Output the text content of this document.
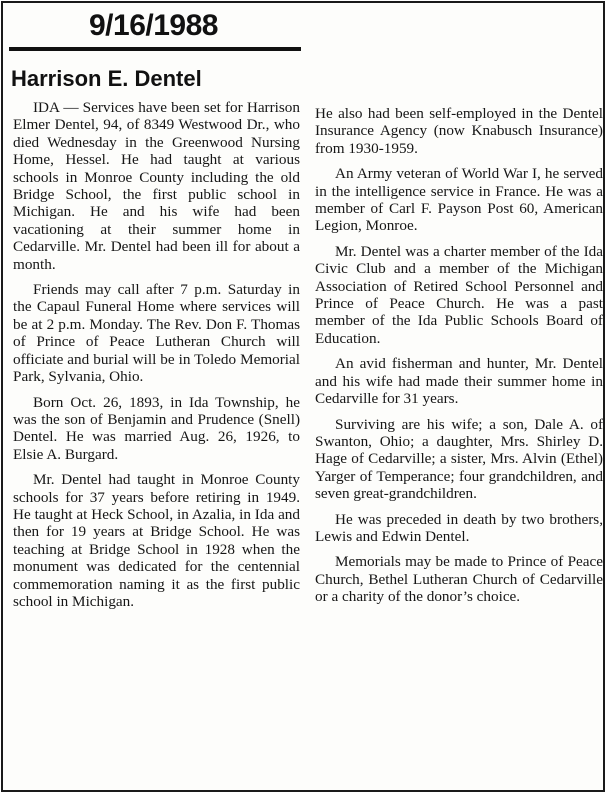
9/16/1988
Harrison E. Dentel

IDA — Services have been set for Harrison Elmer Dentel, 94, of 8349 Westwood Dr., who died Wednesday in the Greenwood Nursing Home, Hessel. He had taught at various schools in Monroe County including the old Bridge School, the first public school in Michigan. He and his wife had been vacationing at their summer home in Cedarville. Mr. Dentel had been ill for about a month.

Friends may call after 7 p.m. Saturday in the Capaul Funeral Home where services will be at 2 p.m. Monday. The Rev. Don F. Thomas of Prince of Peace Lutheran Church will officiate and burial will be in Toledo Memorial Park, Sylvania, Ohio.

Born Oct. 26, 1893, in Ida Township, he was the son of Benjamin and Prudence (Snell) Dentel. He was married Aug. 26, 1926, to Elsie A. Burgard.

Mr. Dentel had taught in Monroe County schools for 37 years before retiring in 1949. He taught at Heck School, in Azalia, in Ida and then for 19 years at Bridge School. He was teaching at Bridge School in 1928 when the monument was dedicated for the centennial commemoration naming it as the first public school in Michigan.

He also had been self-employed in the Dentel Insurance Agency (now Knabusch Insurance) from 1930-1959.

An Army veteran of World War I, he served in the intelligence service in France. He was a member of Carl F. Payson Post 60, American Legion, Monroe.

Mr. Dentel was a charter member of the Ida Civic Club and a member of the Michigan Association of Retired School Personnel and Prince of Peace Church. He was a past member of the Ida Public Schools Board of Education.

An avid fisherman and hunter, Mr. Dentel and his wife had made their summer home in Cedarville for 31 years.

Surviving are his wife; a son, Dale A. of Swanton, Ohio; a daughter, Mrs. Shirley D. Hage of Cedarville; a sister, Mrs. Alvin (Ethel) Yarger of Temperance; four grandchildren, and seven great-grandchildren.

He was preceded in death by two brothers, Lewis and Edwin Dentel.

Memorials may be made to Prince of Peace Church, Bethel Lutheran Church of Cedarville or a charity of the donor’s choice.
